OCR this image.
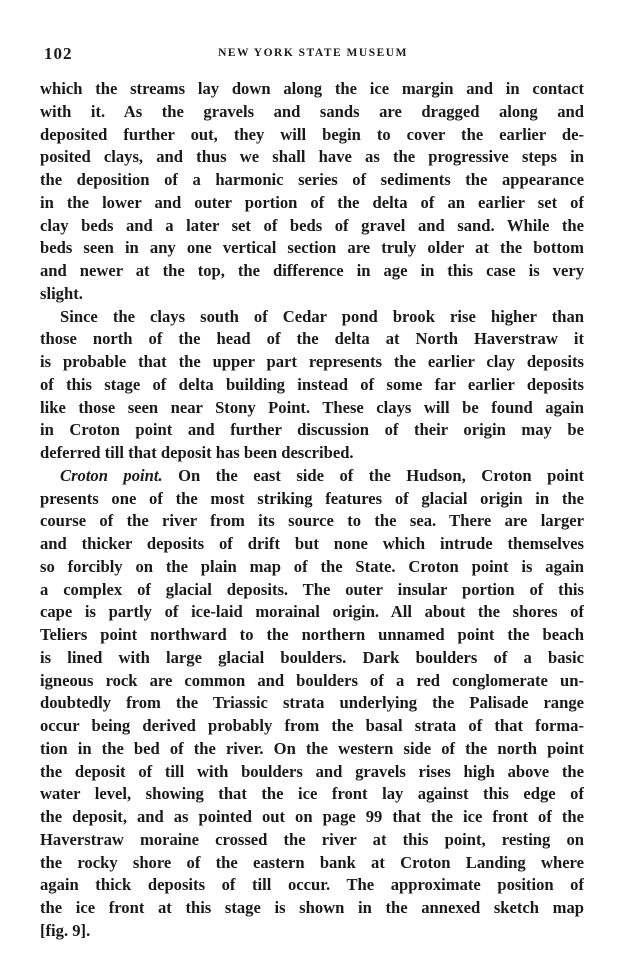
102	NEW YORK STATE MUSEUM
which the streams lay down along the ice margin and in contact
with it. As the gravels and sands are dragged along and
deposited further out, they will begin to cover the earlier de-
posited clays, and thus we shall have as the progressive steps in
the deposition of a harmonic series of sediments the appearance
in the lower and outer portion of the delta of an earlier set of
clay beds and a later set of beds of gravel and sand. While the
beds seen in any one vertical section are truly older at the bottom
and newer at the top, the difference in age in this case is very
slight.
Since the clays south of Cedar pond brook rise higher than
those north of the head of the delta at North Haverstraw it
is probable that the upper part represents the earlier clay deposits
of this stage of delta building instead of some far earlier deposits
like those seen near Stony Point. These clays will be found again
in Croton point and further discussion of their origin may be
deferred till that deposit has been described.
Croton point. On the east side of the Hudson, Croton point
presents one of the most striking features of glacial origin in the
course of the river from its source to the sea. There are larger
and thicker deposits of drift but none which intrude themselves
so forcibly on the plain map of the State. Croton point is again
a complex of glacial deposits. The outer insular portion of this
cape is partly of ice-laid morainal origin. All about the shores of
Teliers point northward to the northern unnamed point the beach
is lined with large glacial boulders. Dark boulders of a basic
igneous rock are common and boulders of a red conglomerate un-
doubtedly from the Triassic strata underlying the Palisade range
occur being derived probably from the basal strata of that forma-
tion in the bed of the river. On the western side of the north point
the deposit of till with boulders and gravels rises high above the
water level, showing that the ice front lay against this edge of
the deposit, and as pointed out on page 99 that the ice front of the
Haverstraw moraine crossed the river at this point, resting on
the rocky shore of the eastern bank at Croton Landing where
again thick deposits of till occur. The approximate position of
the ice front at this stage is shown in the annexed sketch map
[fig. 9].
